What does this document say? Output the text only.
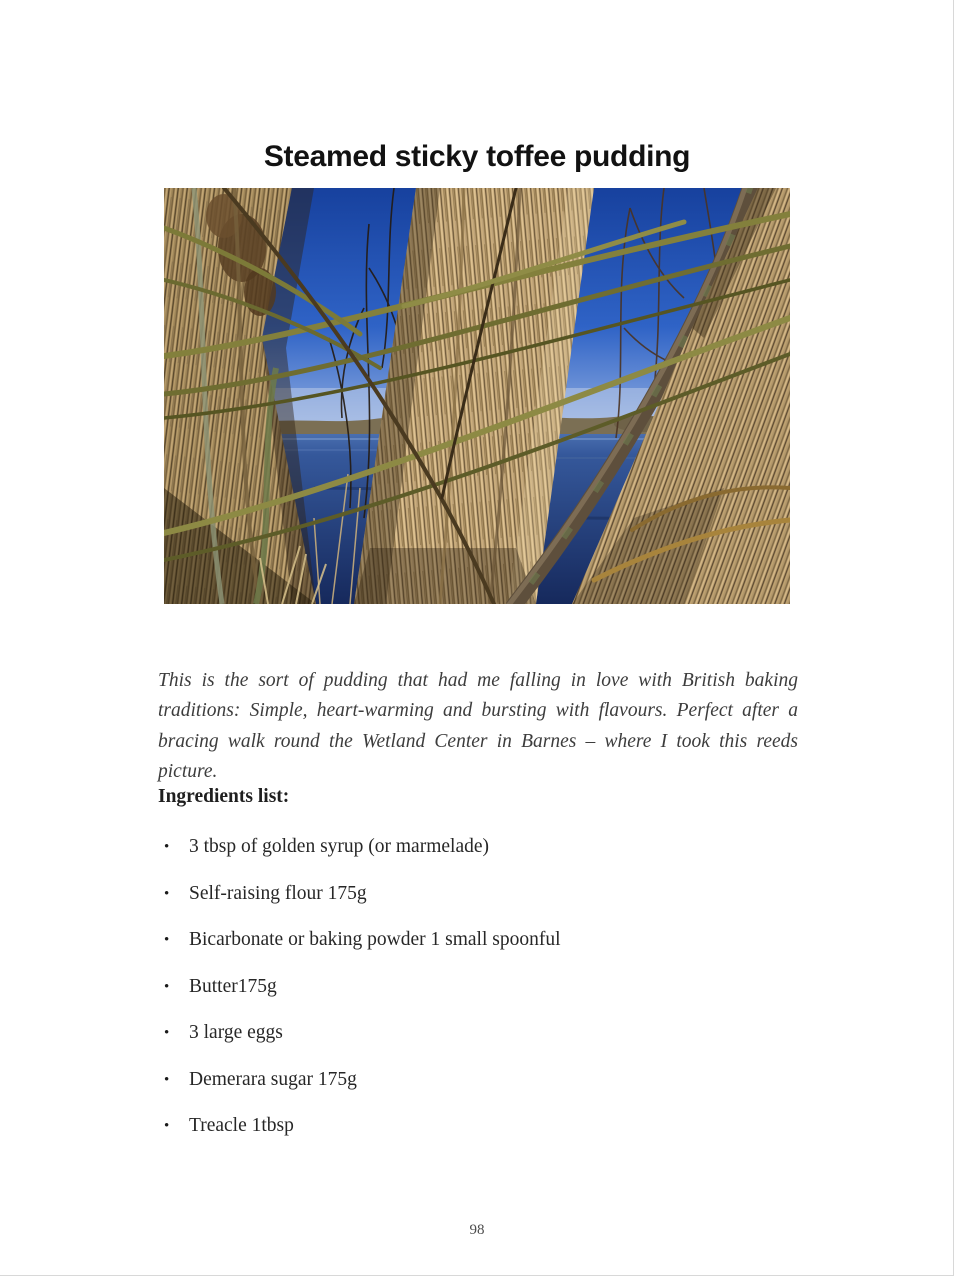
Steamed sticky toffee pudding

This is the sort of pudding that had me falling in love with British baking traditions: Simple, heart-warming and bursting with flavours. Perfect after a bracing walk round the Wetland Center in Barnes – where I took this reeds picture.

Ingredients list:
•	3 tbsp of golden syrup (or marmelade)
•	Self-raising flour 175g
•	Bicarbonate or baking powder 1 small spoonful
•	Butter175g
•	3 large eggs
•	Demerara sugar 175g
•	Treacle 1tbsp
98
